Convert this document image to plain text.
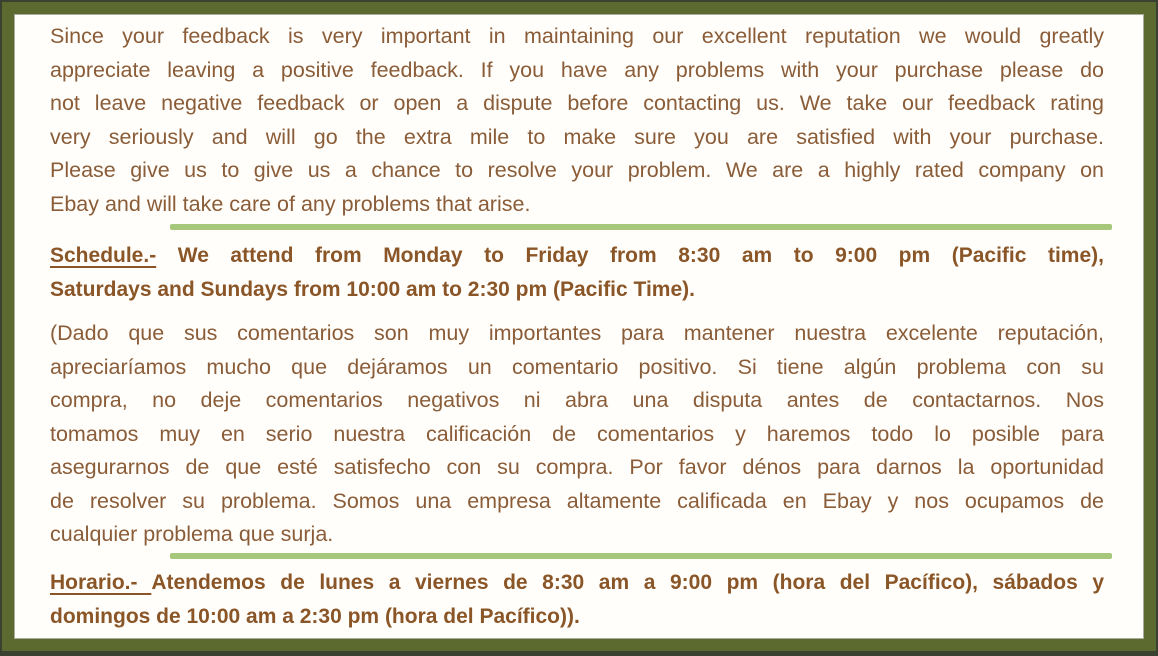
Since your feedback is very important in maintaining our excellent reputation we would greatly
appreciate leaving a positive feedback. If you have any problems with your purchase please do
not leave negative feedback or open a dispute before contacting us. We take our feedback rating
very seriously and will go the extra mile to make sure you are satisfied with your purchase.
Please give us to give us a chance to resolve your problem. We are a highly rated company on
Ebay and will take care of any problems that arise.
Schedule.- We attend from Monday to Friday from 8:30 am to 9:00 pm (Pacific time),
Saturdays and Sundays from 10:00 am to 2:30 pm (Pacific Time).
(Dado que sus comentarios son muy importantes para mantener nuestra excelente reputación,
apreciaríamos mucho que dejáramos un comentario positivo. Si tiene algún problema con su
compra, no deje comentarios negativos ni abra una disputa antes de contactarnos. Nos
tomamos muy en serio nuestra calificación de comentarios y haremos todo lo posible para
asegurarnos de que esté satisfecho con su compra. Por favor dénos para darnos la oportunidad
de resolver su problema. Somos una empresa altamente calificada en Ebay y nos ocupamos de
cualquier problema que surja.
Horario.- Atendemos de lunes a viernes de 8:30 am a 9:00 pm (hora del Pacífico), sábados y
domingos de 10:00 am a 2:30 pm (hora del Pacífico)).
